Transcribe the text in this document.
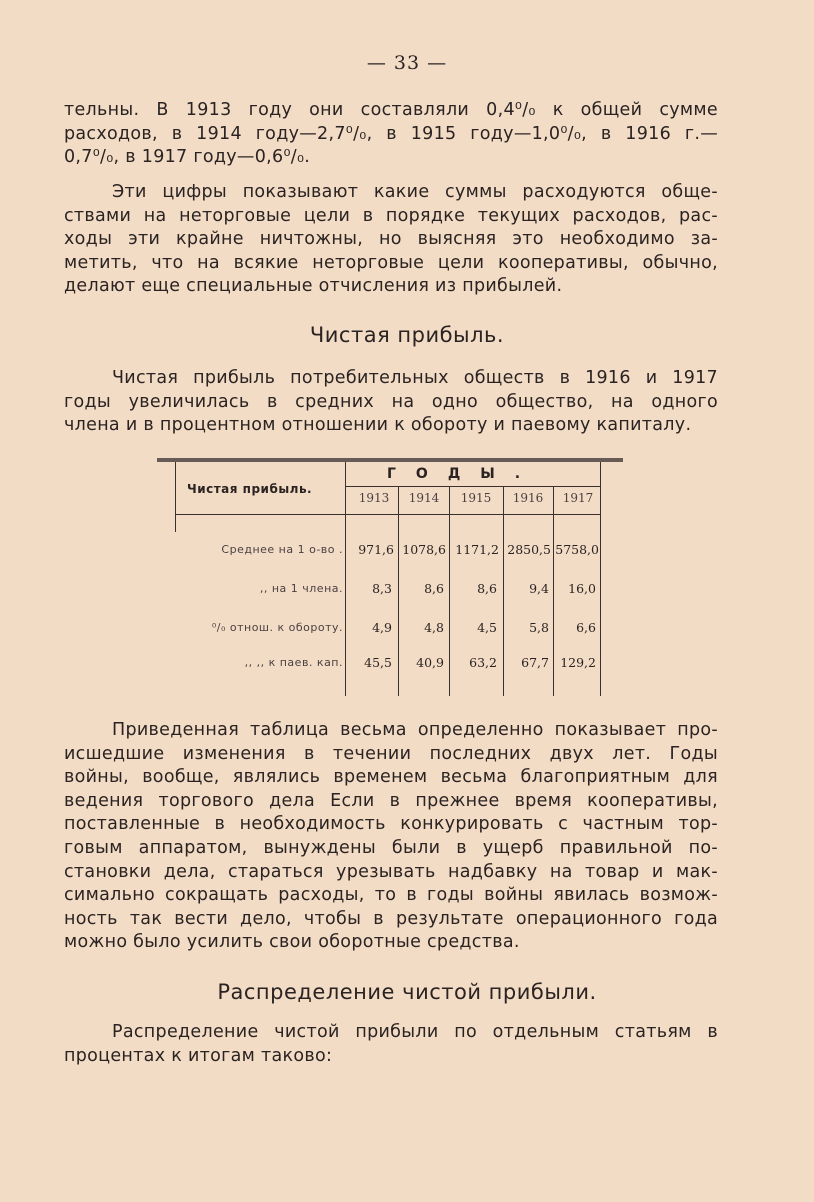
— 33 —
тельны. В 1913 году они составляли 0,4⁰/₀ к общей сумме
расходов, в 1914 году—2,7⁰/₀, в 1915 году—1,0⁰/₀, в 1916 г.—
0,7⁰/₀, в 1917 году—0,6⁰/₀.
Эти цифры показывают какие суммы расходуются обще-
ствами на неторговые цели в порядке текущих расходов, рас-
ходы эти крайне ничтожны, но выясняя это необходимо за-
метить, что на всякие неторговые цели кооперативы, обычно,
делают еще специальные отчисления из прибылей.
Чистая прибыль.
Чистая прибыль потребительных обществ в 1916 и 1917
годы увеличилась в средних на одно общество, на одного
члена и в процентном отношении к обороту и паевому капиталу.
Чистая прибыль.
ГОДЫ.
1913	1914	1915	1916	1917
Среднее на 1 о-во .	971,6 1078,6 1171,2 2850,5 5758,0
,, на 1 члена.	8,3	8,6	8,6	9,4	16,0
⁰/₀ отнош. к обороту.	4,9	4,8	4,5	5,8	6,6
,, ,, к паев. кап.	45,5	40,9	63,2	67,7 129,2
Приведенная таблица весьма определенно показывает про-
исшедшие изменения в течении последних двух лет. Годы
войны, вообще, являлись временем весьма благоприятным для
ведения торгового дела Если в прежнее время кооперативы,
поставленные в необходимость конкурировать с частным тор-
говым аппаратом, вынуждены были в ущерб правильной по-
становки дела, стараться урезывать надбавку на товар и мак-
симально сокращать расходы, то в годы войны явилась возмож-
ность так вести дело, чтобы в результате операционного года
можно было усилить свои оборотные средства.
Распределение чистой прибыли.
Распределение чистой прибыли по отдельным статьям в
процентах к итогам таково:
